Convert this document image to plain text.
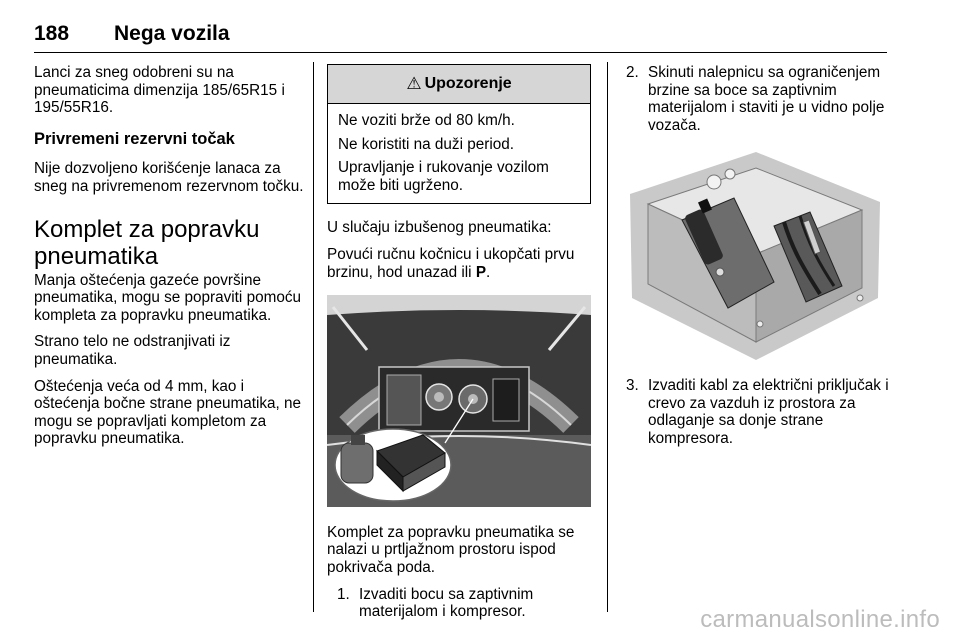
188 Nega vozila

Lanci za sneg odobreni su na pneumaticima dimenzija 185/65R15 i 195/55R16.

Privremeni rezervni točak

Nije dozvoljeno korišćenje lanaca za sneg na privremenom rezervnom točku.

Komplet za popravku pneumatika

Manja oštećenja gazeće površine pneumatika, mogu se popraviti pomoću kompleta za popravku pneumatika.

Strano telo ne odstranjivati iz pneumatika.

Oštećenja veća od 4 mm, kao i oštećenja bočne strane pneumatika, ne mogu se popravljati kompletom za popravku pneumatika.

⚠ Upozorenje

Ne voziti brže od 80 km/h.

Ne koristiti na duži period.

Upravljanje i rukovanje vozilom može biti ugrženo.

U slučaju izbušenog pneumatika:

Povući ručnu kočnicu i ukopčati prvu brzinu, hod unazad ili P.

Komplet za popravku pneumatika se nalazi u prtljažnom prostoru ispod pokrivača poda.

1. Izvaditi bocu sa zaptivnim materijalom i kompresor.
2. Skinuti nalepnicu sa ograničenjem brzine sa boce sa zaptivnim materijalom i staviti je u vidno polje vozača.
3. Izvaditi kabl za električni priključak i crevo za vazduh iz prostora za odlaganje sa donje strane kompresora.
carmanualsonline.info
